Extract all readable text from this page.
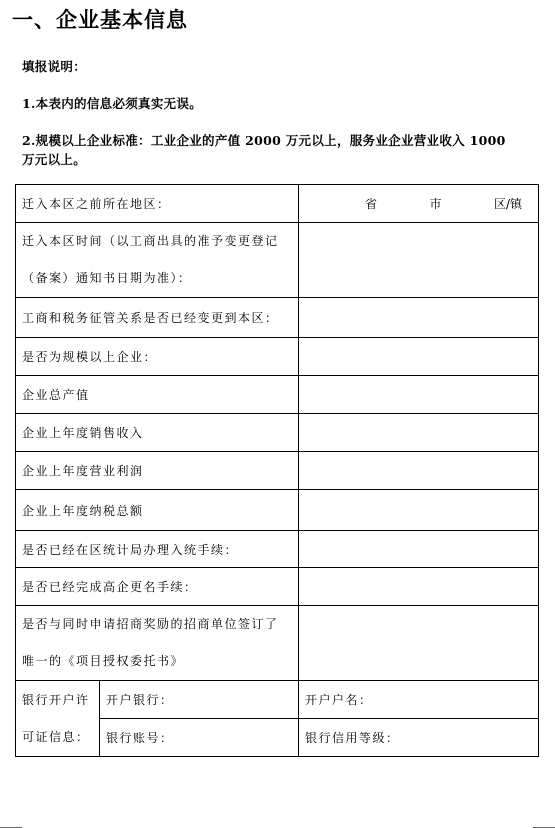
一、企业基本信息
填报说明：
1.本表内的信息必须真实无误。
2.规模以上企业标准：工业企业的产值 2000 万元以上，服务业企业营业收入 1000
万元以上。
迁入本区之前所在地区：		省 市 区/镇

迁入本区时间（以工商出具的准予变更登记
（备案）通知书日期为准）：		

工商和税务征管关系是否已经变更到本区：		
是否为规模以上企业：		
企业总产值		
企业上年度销售收入		
企业上年度营业利润		
企业上年度纳税总额		
是否已经在区统计局办理入统手续：		
是否已经完成高企更名手续：		

是否与同时申请招商奖励的招商单位签订了
唯一的《项目授权委托书》		

银行开户许
可证信息：	开户银行：	开户户名：
	银行账号：	银行信用等级：
